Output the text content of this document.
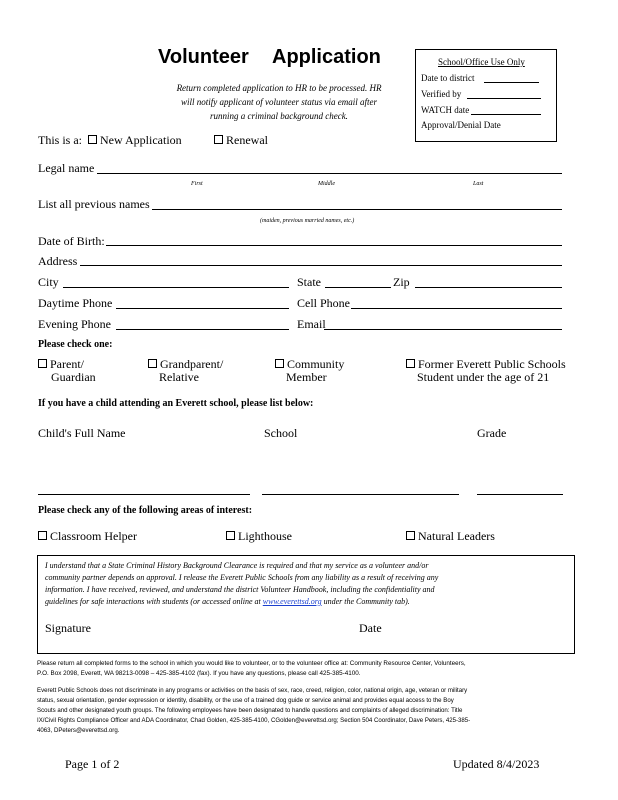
Volunteer Application
Return completed application to HR to be processed. HR
will notify applicant of volunteer status via email after
running a criminal background check.
School/Office Use Only
Date to district
Verified by
WATCH date
Approval/Denial Date
This is a:	New Application	Renewal
Legal name
First	Middle	Last
List all previous names
(maiden, previous married names, etc.)
Date of Birth:
Address
City	State	Zip
Daytime Phone	Cell Phone
Evening Phone	Email
Please check one:
Parent/
Guardian
Grandparent/
Relative
Community
Member
Former Everett Public Schools
Student under the age of 21
If you have a child attending an Everett school, please list below:
Child's Full Name	School	Grade
Please check any of the following areas of interest:
Classroom Helper	Lighthouse	Natural Leaders
I understand that a State Criminal History Background Clearance is required and that my service as a volunteer and/or
community partner depends on approval. I release the Everett Public Schools from any liability as a result of receiving any
information. I have received, reviewed, and understand the district Volunteer Handbook, including the confidentiality and
guidelines for safe interactions with students (or accessed online at www.everettsd.org under the Community tab).
Signature	Date
Please return all completed forms to the school in which you would like to volunteer, or to the volunteer office at: Community Resource Center, Volunteers,
P.O. Box 2098, Everett, WA 98213-0098 – 425-385-4102 (fax). If you have any questions, please call 425-385-4100.
Everett Public Schools does not discriminate in any programs or activities on the basis of sex, race, creed, religion, color, national origin, age, veteran or military
status, sexual orientation, gender expression or identity, disability, or the use of a trained dog guide or service animal and provides equal access to the Boy
Scouts and other designated youth groups. The following employees have been designated to handle questions and complaints of alleged discrimination: Title
IX/Civil Rights Compliance Officer and ADA Coordinator, Chad Golden, 425-385-4100, CGolden@everettsd.org; Section 504 Coordinator, Dave Peters, 425-385-
4063, DPeters@everettsd.org.
Page 1 of 2	Updated 8/4/2023
